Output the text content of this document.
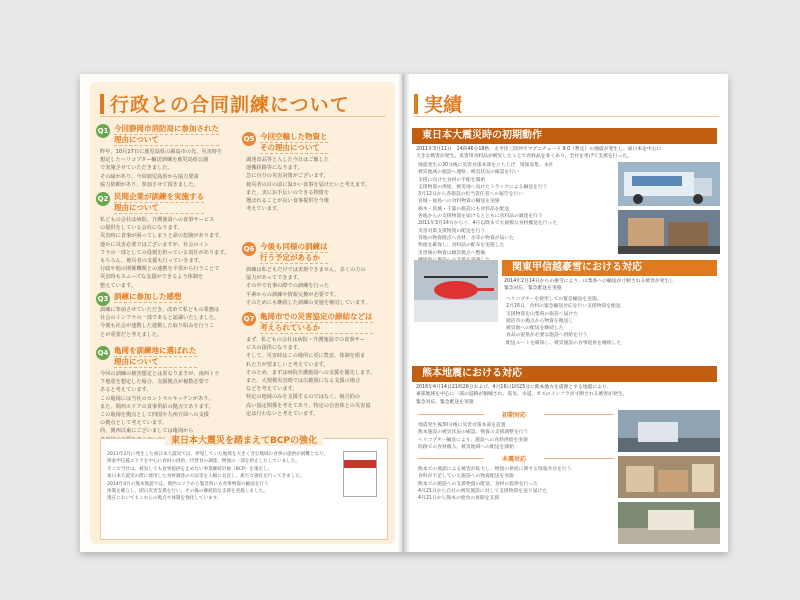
行政との合同訓練について
Q1 今回静岡市消防局に参加された
理由について
昨年、10月27日に鹿児島県の霧島市の先、災害時を
想定したヘリコプター輸送訓練を鹿児島県公園
で実施させていただきました。
その縁があり、今回鹿児島県から協力要請
協力依頼があり、参加させて頂きました。
Q2 民間企業が訓練を実施する
理由について
私どもの会社は病院、介護施設への食事サービス
の提供をしている会社になります。
災害時に食事が困ってしまうと命の危険があります。
運かに災害必要ではございますが、社会のイン
フラの一部としての役割を担っている責任があります。
もちろん、被災者の支援も行っていきます。
行政や他の関係機関との連携を平常から行うことで
災害時もスムーズな支援ができるよう体制を
整えています。
Q3 訓練に参加した感想
訓練に参加させていただき、改めて私どもの業務は
社会のインフラの一部であると認識いたしました。
今後も社会が連携した連携した取り組みを行うこ
とが重要だと考えました。
Q4 亀岡を訓練地に選ばれた
理由について
今回の訓練の被害想定とは異なりますが、南西トラ
フ地震を想定した場合、支援拠点が複数必要で
あると考えています。
この亀岡には当社のセントラルキッチンがあり、
また、関西エリアの食事供給の拠点であります。
この亀岡を拠点として四国や九州方面への支援
の拠点として考えています。
尚、関西以東にございましては亀岡から

Q5 今回空輸した物資と
その理由について
調達食品等と入した今日はご飯した
運搬経路等になります。
急に自分の災害対策がございます。
被災者の目の前に温かい食事を届けたいと考えます。
また、実にお手伝いのできる物資を
選ばれることが良い食事提供を今後
考えています。
Q6 今後も同様の訓練は
行う予定があるか
訓練は私どもだけでは実現できません。多くの方の
協力があってできます。
その中で有事の際での訓練を行った
平素からの訓練や情報交換が必要です。
そのためにも継続した訓練の実施を検討しています。
Q7 亀岡市での災害協定の締結などは
考えられているか
まず、私どもの会社は病院・介護施設での食事サー
ビスの提供になります。
そして、災害時はこの場所に更に豊富、体制を組ま
れた方が望ましいと考えています。
そのため、まずは病院介護施設への支援を優先します。
また、大規模災害時では広範囲になる支援の場合
などを考えています。
特定の地域のみを支援するのではなく、複合的の
高い協定関係を考えてあり、特定の自治体との災害協
定は行わないと考えています。
東日本大震災を踏まえてBCPの強化
2011年3月に発生した東日本大震災では、停電していた地域を大きく含む地域の食事の提供が困難となり、
関東甲信越エリアを中心に食材の供給、代替食の調達、物流の一部を停止したしていました。
そこで当社は、被災しても食事提供を止めない事業継続計画（BCP）を策定し、
東日本大震災の際に使用した食材調達の方法等を大幅に見直し、新たな強化を行ってきました。
2014年4月の熊本地震では、関西エリアから緊急時にも食事物資の輸送を行う
体制を確立し、即日災害支援を行い、その後の継続的な支援を実施しました。
現在においてもこれらの拠点や体制を強化しています。
実績
東日本大震災時の初期動作
2011年3月11日　14時46分18秒、太平洋三陸沖でマグニチュード 9.0（暫定）の地震が発生し、東日本を中心に
大きな被害が発生。災害用食料品が被災したことで食料品を多くあり、全社を挙げて支援を行った。
地震発生の30分後に災害対策本部を立ち上げ、情報収集、本社
被災地域の施設へ連絡、被災状況の確認を行い
支援に向けた食材の手配を開始
支援物資の供給、被災地へ向けたトラックによる輸送を行う
3月12日から各施設の担当責任者への報告を行い
宮城・福島への食料物資の輸送を実施
栃木・茨城・千葉の施設にも食料品を配送
各地からの支援物資を届けるとともに食料品の調達を行う
2011年3月14日からイ、4月以降まで大規模な食材搬送を行った
災害対策支援物資の配送を行う
各地の物資拠点へ食材、水等の物資が届いた
物流を確保し、食料品の配布を実施した
災害後の物資は順次拠点へ整備

関東甲信越豪雪における対応
2014年2月14日からの豪雪により、山梨県への輸送が寸断される被害が発生し
緊急対応、緊急配送を実施
ヘリコプターを使用しての緊急輸送を実施。
2月16日、食料の緊急輸送対応を行い支援物資を配送
支援物資を山梨県の施設へ届けた
鹿沼市の拠点から物資を搬送し
被災地への配送を継続した
食品の提供が必要な施設へ供給を行う
配送ルートを確保し、被災施設の食事提供を継続した
熊本地震における対応
2016年4月14日21時26分および、4月16日1時25分に熊本地方を震源とする地震により、
東部地域を中心に一部の道路が損壊され、電気、水道、ガスのインフラが寸断される被害が発生。
緊急対応、緊急配送を実施
初期対応
地震発生後30分後に災害対策本部を設置
熊本施設の被災状況の確認、物資の支援調整を行う
ヘリコプター輸送により、施設への食料供給を実施
陸路での食材搬入、被災地域への配送を開始
本震対応
熊本での地震による被害が拡大し、物資の供給に関する情報共有を行う
食料が不足していた施設への物資配送を実施
熊本での施設への支援物資の配送、食材の提供を行った
4月21日から自社の被災施設に対して支援物資を送り届けた
4月21日から熊本の給食の再開を支援
